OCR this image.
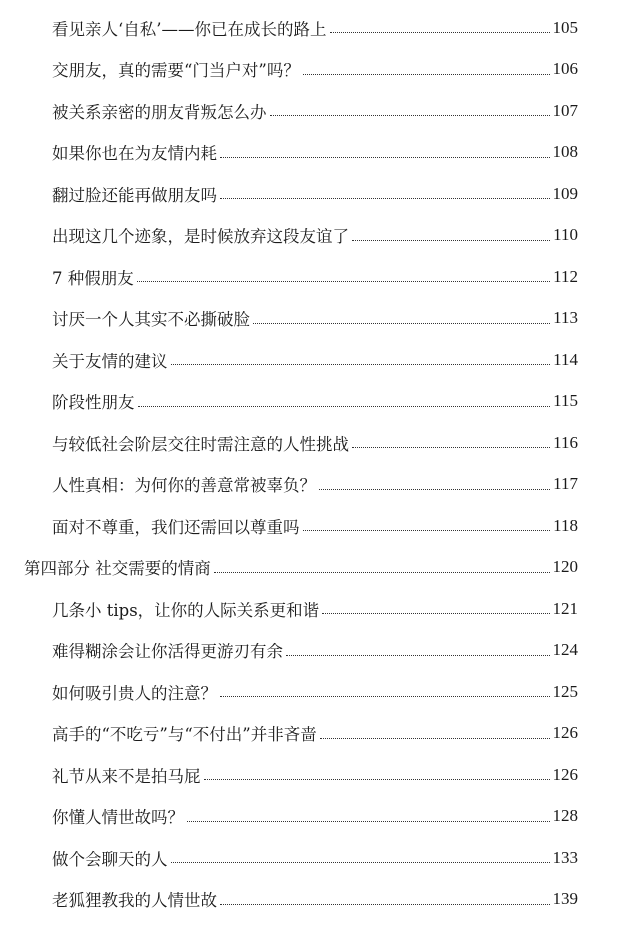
看见亲人‘自私’——你已在成长的路上	105
交朋友，真的需要“门当户对”吗？	106
被关系亲密的朋友背叛怎么办	107
如果你也在为友情内耗	108
翻过脸还能再做朋友吗	109
出现这几个迹象，是时候放弃这段友谊了	110
7 种假朋友	112
讨厌一个人其实不必撕破脸	113
关于友情的建议	114
阶段性朋友	115
与较低社会阶层交往时需注意的人性挑战	116
人性真相：为何你的善意常被辜负？	117
面对不尊重，我们还需回以尊重吗	118
第四部分 社交需要的情商	120
几条小 tips，让你的人际关系更和谐	121
难得糊涂会让你活得更游刃有余	124
如何吸引贵人的注意？	125
高手的“不吃亏”与“不付出”并非吝啬	126
礼节从来不是拍马屁	126
你懂人情世故吗？	128
做个会聊天的人	133
老狐狸教我的人情世故	139
